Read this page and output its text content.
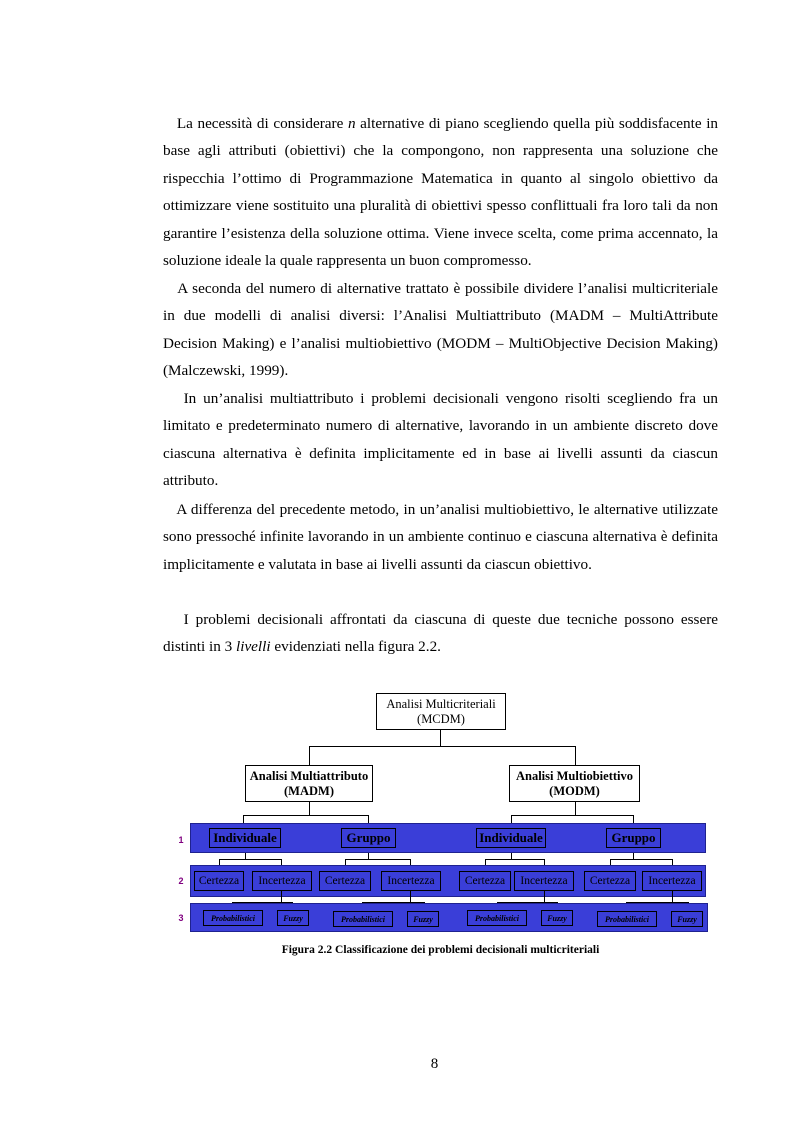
La necessità di considerare n alternative di piano scegliendo quella più soddisfacente in base agli attributi (obiettivi) che la compongono, non rappresenta una soluzione che rispecchia l’ottimo di Programmazione Matematica in quanto al singolo obiettivo da ottimizzare viene sostituito una pluralità di obiettivi spesso conflittuali fra loro tali da non garantire l’esistenza della soluzione ottima. Viene invece scelta, come prima accennato, la soluzione ideale la quale rappresenta un buon compromesso.

A seconda del numero di alternative trattato è possibile dividere l’analisi multicriteriale in due modelli di analisi diversi: l’Analisi Multiattributo (MADM – MultiAttribute Decision Making) e l’analisi multiobiettivo (MODM – MultiObjective Decision Making) (Malczewski, 1999).

In un’analisi multiattributo i problemi decisionali vengono risolti scegliendo fra un limitato e predeterminato numero di alternative, lavorando in un ambiente discreto dove ciascuna alternativa è definita implicitamente ed in base ai livelli assunti da ciascun attributo.

A differenza del precedente metodo, in un’analisi multiobiettivo, le alternative utilizzate sono pressoché infinite lavorando in un ambiente continuo e ciascuna alternativa è definita implicitamente e valutata in base ai livelli assunti da ciascun obiettivo.

I problemi decisionali affrontati da ciascuna di queste due tecniche possono essere distinti in 3 livelli evidenziati nella figura 2.2.

Analisi Multicriteriali
(MCDM)
Analisi Multiattributo
(MADM)
Analisi Multiobiettivo
(MODM)
1	Individuale	Gruppo	Individuale	Gruppo
2	Certezza	Incertezza	Certezza	Incertezza	Certezza	Incertezza	Certezza	Incertezza
3	Probabilistici	Fuzzy	Probabilistici	Fuzzy	Probabilistici	Fuzzy	Probabilistici	Fuzzy
Figura 2.2 Classificazione dei problemi decisionali multicriteriali
8
